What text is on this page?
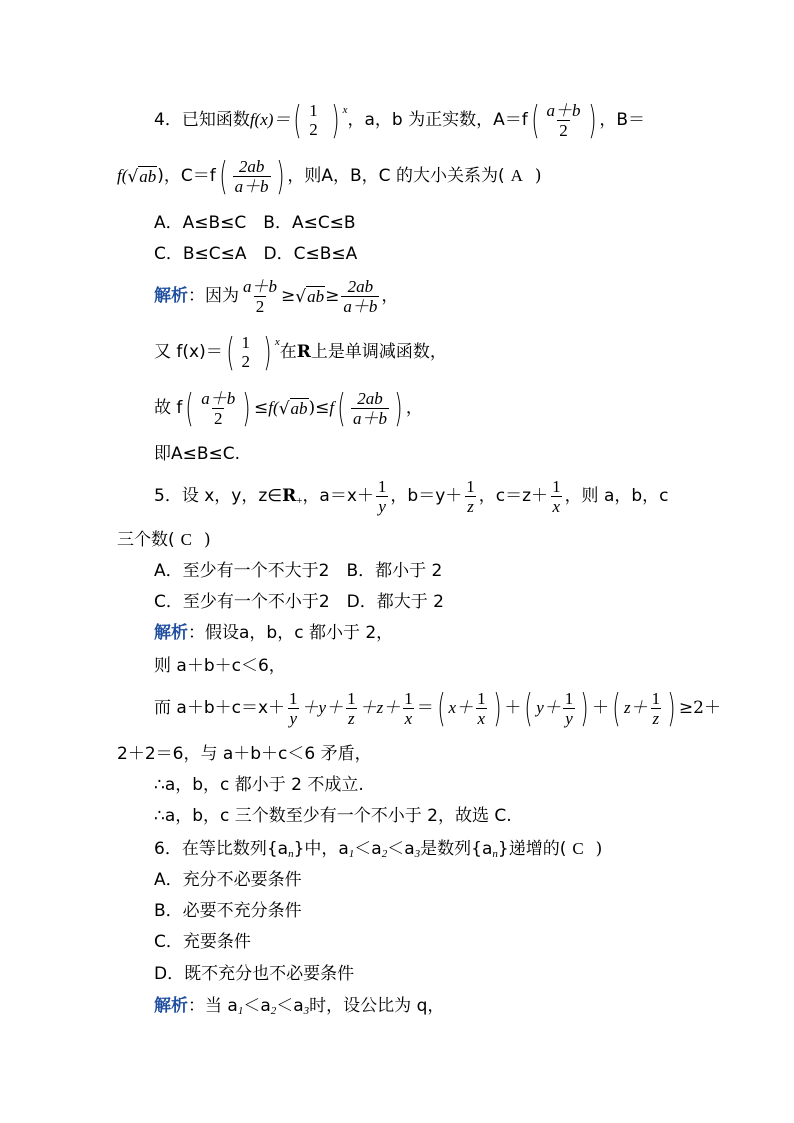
4． 已知函数 f(x)＝ ( 1
2 ) x ，a，b 为正实数，A＝f ( $\frac{a+b}{2}$ ) ，B＝
f( √ ab )，C＝f ( $\frac{2ab}{a+b}$ ) ，则A，B，C 的大小关系为( A )
A．A≤B≤C　B．A≤C≤B
C．B≤C≤A　D．C≤B≤A
解析 ：因为 $\frac{a+b}{2}$ ≥ √ ab ≥ $\frac{2ab}{a+b}$ ，
又 f(x)＝ ( 1
2 ) x 在 R 上是单调减函数，
故 f ( $\frac{a+b}{2}$ ) ≤ f( √ ab ) ≤ f ( $\frac{2ab}{a+b}$ ) ，
即A≤B≤C.
5．设 x，y，z∈ R + ，$a=x+ \frac{1}{y}$ ，$b=y+ \frac{1}{z}$ ，$c=z+ \frac{1}{x}$ ，则 a，b，c
三个数( C )
A．至少有一个不大于2　B．都小于 2
C．至少有一个不小于2　D．都大于 2
解析 ：假设a，b，c 都小于 2，
则 a＋b＋c＜6，
而 $a+b+c=x+ \frac{1}{y} +y+ \frac{1}{z} +z+ \frac{1}{x}$ ＝ ( $x+ \frac{1}{x}$ ) ＋ ( $y+ \frac{1}{y}$ ) ＋ ( $z+ \frac{1}{z}$ ) ≥2＋
2＋2＝6，与 a＋b＋c＜6 矛盾，
∴a，b，c 都小于 2 不成立.
∴a，b，c 三个数至少有一个不小于 2，故选 C.
6．在等比数列{a n }中，a 1 ＜a 2 ＜a 3 是数列{a n }递增的( C )
A．充分不必要条件
B．必要不充分条件
C．充要条件
D．既不充分也不必要条件
解析 ：当 a 1 ＜a 2 ＜a 3 时，设公比为 q，
